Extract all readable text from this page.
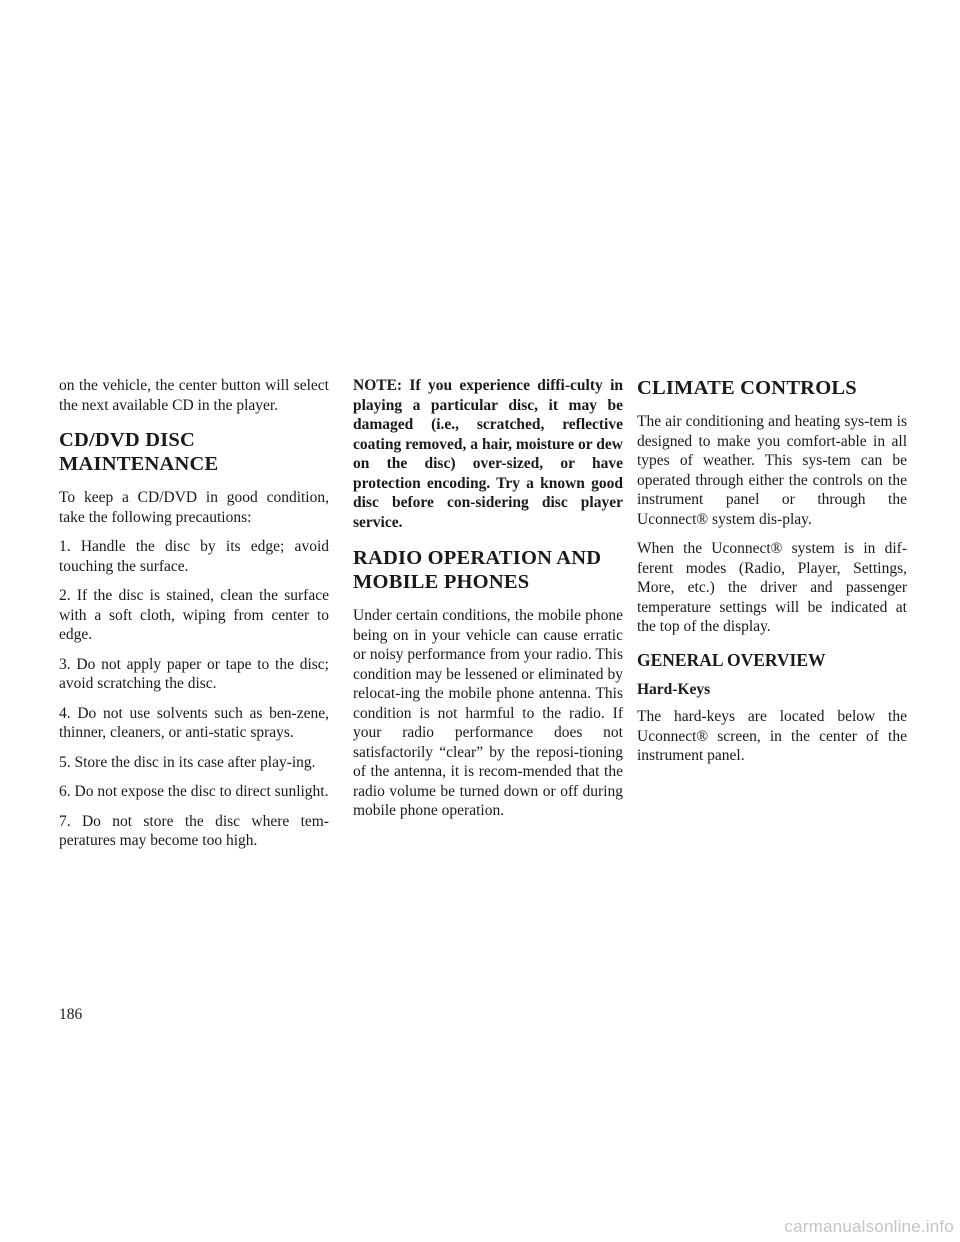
on the vehicle, the center button will select the next available CD in the player.

CD/DVD DISC MAINTENANCE

To keep a CD/DVD in good condition, take the following precautions:

1. Handle the disc by its edge; avoid touching the surface.

2. If the disc is stained, clean the surface with a soft cloth, wiping from center to edge.

3. Do not apply paper or tape to the disc; avoid scratching the disc.

4. Do not use solvents such as ben-zene, thinner, cleaners, or anti-static sprays.

5. Store the disc in its case after play-ing.

6. Do not expose the disc to direct sunlight.

7. Do not store the disc where tem-peratures may become too high.

NOTE: If you experience diffi-culty in playing a particular disc, it may be damaged (i.e., scratched, reflective coating removed, a hair, moisture or dew on the disc) over-sized, or have protection encoding. Try a known good disc before con-sidering disc player service.

RADIO OPERATION AND MOBILE PHONES

Under certain conditions, the mobile phone being on in your vehicle can cause erratic or noisy performance from your radio. This condition may be lessened or eliminated by relocat-ing the mobile phone antenna. This condition is not harmful to the radio. If your radio performance does not satisfactorily “clear” by the reposi-tioning of the antenna, it is recom-mended that the radio volume be turned down or off during mobile phone operation.

CLIMATE CONTROLS

The air conditioning and heating sys-tem is designed to make you comfort-able in all types of weather. This sys-tem can be operated through either the controls on the instrument panel or through the Uconnect® system dis-play.

When the Uconnect® system is in dif-ferent modes (Radio, Player, Settings, More, etc.) the driver and passenger temperature settings will be indicated at the top of the display.

GENERAL OVERVIEW
Hard-Keys

The hard-keys are located below the Uconnect® screen, in the center of the instrument panel.

186
carmanualsonline.info
